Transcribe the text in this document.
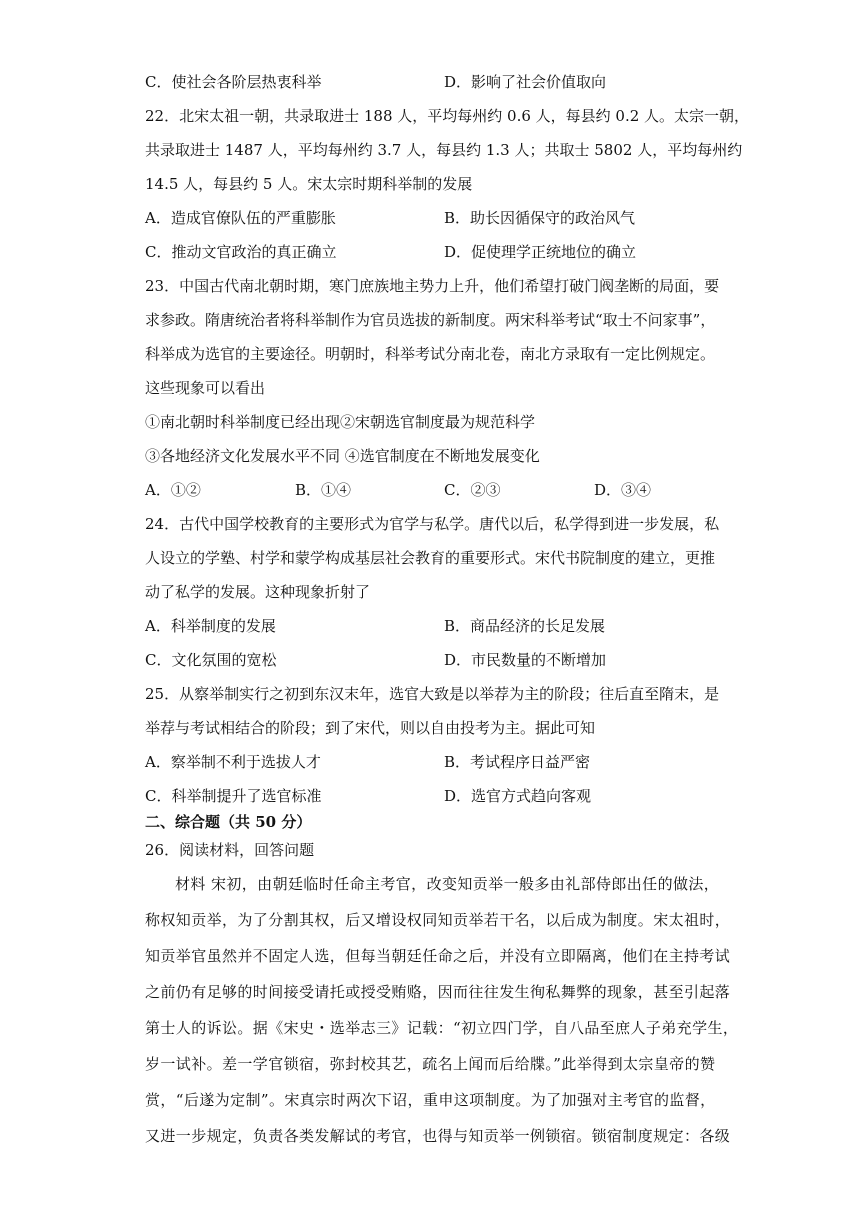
C．使社会各阶层热衷科举	D．影响了社会价值取向
22．北宋太祖一朝，共录取进士 188 人，平均每州约 0.6 人，每县约 0.2 人。太宗一朝，
共录取进士 1487 人，平均每州约 3.7 人，每县约 1.3 人；共取士 5802 人，平均每州约
14.5 人，每县约 5 人。宋太宗时期科举制的发展
A．造成官僚队伍的严重膨胀	B．助长因循保守的政治风气
C．推动文官政治的真正确立	D．促使理学正统地位的确立
23．中国古代南北朝时期，寒门庶族地主势力上升，他们希望打破门阀垄断的局面，要
求参政。隋唐统治者将科举制作为官员选拔的新制度。两宋科举考试“取士不问家事”，
科举成为选官的主要途径。明朝时，科举考试分南北卷，南北方录取有一定比例规定。
这些现象可以看出
①南北朝时科举制度已经出现②宋朝选官制度最为规范科学
③各地经济文化发展水平不同 ④选官制度在不断地发展变化
A．①②	B．①④	C．②③	D．③④
24．古代中国学校教育的主要形式为官学与私学。唐代以后，私学得到进一步发展，私
人设立的学塾、村学和蒙学构成基层社会教育的重要形式。宋代书院制度的建立，更推
动了私学的发展。这种现象折射了
A．科举制度的发展	B．商品经济的长足发展
C．文化氛围的宽松	D．市民数量的不断增加
25．从察举制实行之初到东汉末年，选官大致是以举荐为主的阶段；往后直至隋末，是
举荐与考试相结合的阶段；到了宋代，则以自由投考为主。据此可知
A．察举制不利于选拔人才	B．考试程序日益严密
C．科举制提升了选官标准	D．选官方式趋向客观
二、综合题（共 50 分）
26．阅读材料，回答问题
材料 宋初，由朝廷临时任命主考官，改变知贡举一般多由礼部侍郎出任的做法，
称权知贡举，为了分割其权，后又增设权同知贡举若干名，以后成为制度。宋太祖时，
知贡举官虽然并不固定人选，但每当朝廷任命之后，并没有立即隔离，他们在主持考试
之前仍有足够的时间接受请托或授受贿赂，因而往往发生徇私舞弊的现象，甚至引起落
第士人的诉讼。据《宋史・选举志三》记载：“初立四门学，自八品至庶人子弟充学生，
岁一试补。差一学官锁宿，弥封校其艺，疏名上闻而后给牒。”此举得到太宗皇帝的赞
赏，“后遂为定制”。宋真宗时两次下诏，重申这项制度。为了加强对主考官的监督，
又进一步规定，负责各类发解试的考官，也得与知贡举一例锁宿。锁宿制度规定：各级
